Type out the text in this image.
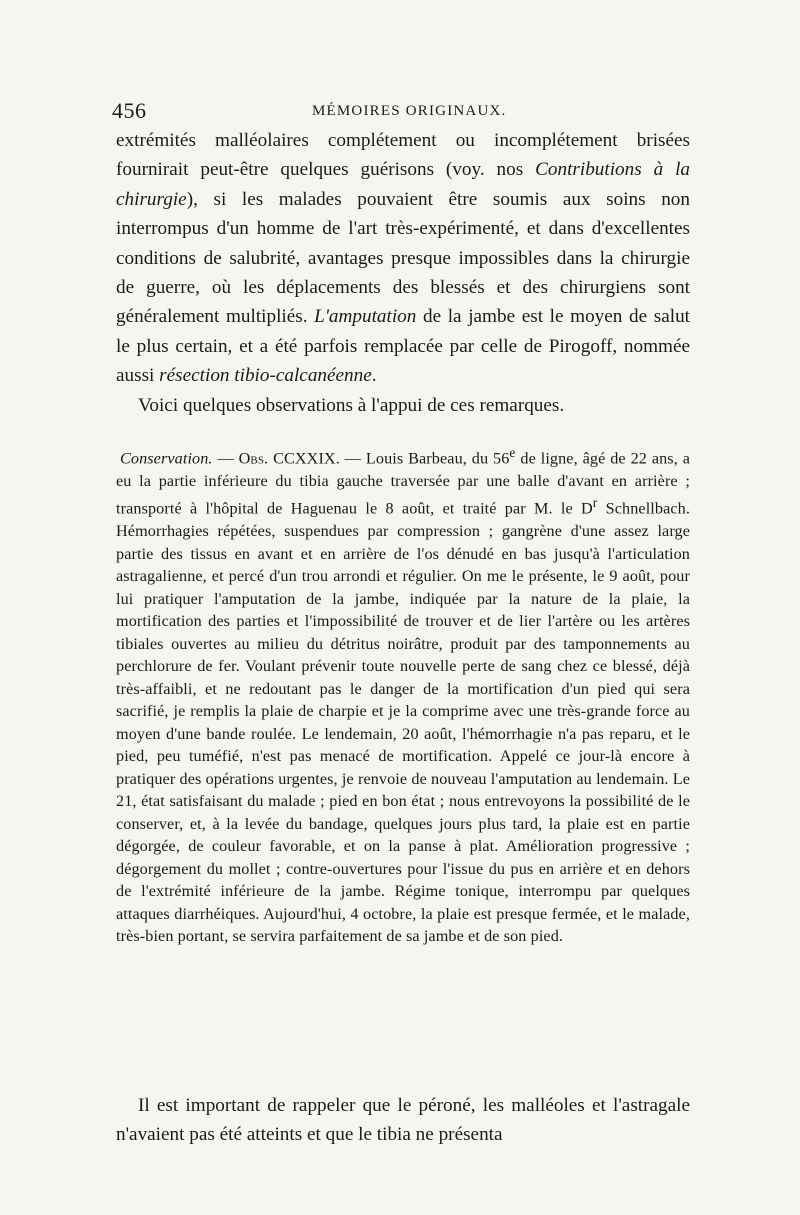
456	MÉMOIRES ORIGINAUX.

extrémités malléolaires complétement ou incomplétement brisées fournirait peut-être quelques guérisons (voy. nos Contributions à la chirurgie), si les malades pouvaient être soumis aux soins non interrompus d'un homme de l'art très-expérimenté, et dans d'excellentes conditions de salubrité, avantages presque impossibles dans la chirurgie de guerre, où les déplacements des blessés et des chirurgiens sont généralement multipliés. L'amputation de la jambe est le moyen de salut le plus certain, et a été parfois remplacée par celle de Pirogoff, nommée aussi résection tibio-calcanéenne.

Voici quelques observations à l'appui de ces remarques.

Conservation. — Obs. CCXXIX. — Louis Barbeau, du 56e de ligne, âgé de 22 ans, a eu la partie inférieure du tibia gauche traversée par une balle d'avant en arrière ; transporté à l'hôpital de Haguenau le 8 août, et traité par M. le $D^r$ Schnellbach. Hémorrhagies répétées, suspendues par compression ; gangrène d'une assez large partie des tissus en avant et en arrière de l'os dénudé en bas jusqu'à l'articulation astragalienne, et percé d'un trou arrondi et régulier. On me le présente, le 9 août, pour lui pratiquer l'amputation de la jambe, indiquée par la nature de la plaie, la mortification des parties et l'impossibilité de trouver et de lier l'artère ou les artères tibiales ouvertes au milieu du détritus noirâtre, produit par des tamponnements au perchlorure de fer. Voulant prévenir toute nouvelle perte de sang chez ce blessé, déjà très-affaibli, et ne redoutant pas le danger de la mortification d'un pied qui sera sacrifié, je remplis la plaie de charpie et je la comprime avec une très-grande force au moyen d'une bande roulée. Le lendemain, 20 août, l'hémorrhagie n'a pas reparu, et le pied, peu tuméfié, n'est pas menacé de mortification. Appelé ce jour-là encore à pratiquer des opérations urgentes, je renvoie de nouveau l'amputation au lendemain. Le 21, état satisfaisant du malade ; pied en bon état ; nous entrevoyons la possibilité de le conserver, et, à la levée du bandage, quelques jours plus tard, la plaie est en partie dégorgée, de couleur favorable, et on la panse à plat. Amélioration progressive ; dégorgement du mollet ; contre-ouvertures pour l'issue du pus en arrière et en dehors de l'extrémité inférieure de la jambe. Régime tonique, interrompu par quelques attaques diarrhéiques. Aujourd'hui, 4 octobre, la plaie est presque fermée, et le malade, très-bien portant, se servira parfaitement de sa jambe et de son pied.

Il est important de rappeler que le péroné, les malléoles et l'astragale n'avaient pas été atteints et que le tibia ne présenta
